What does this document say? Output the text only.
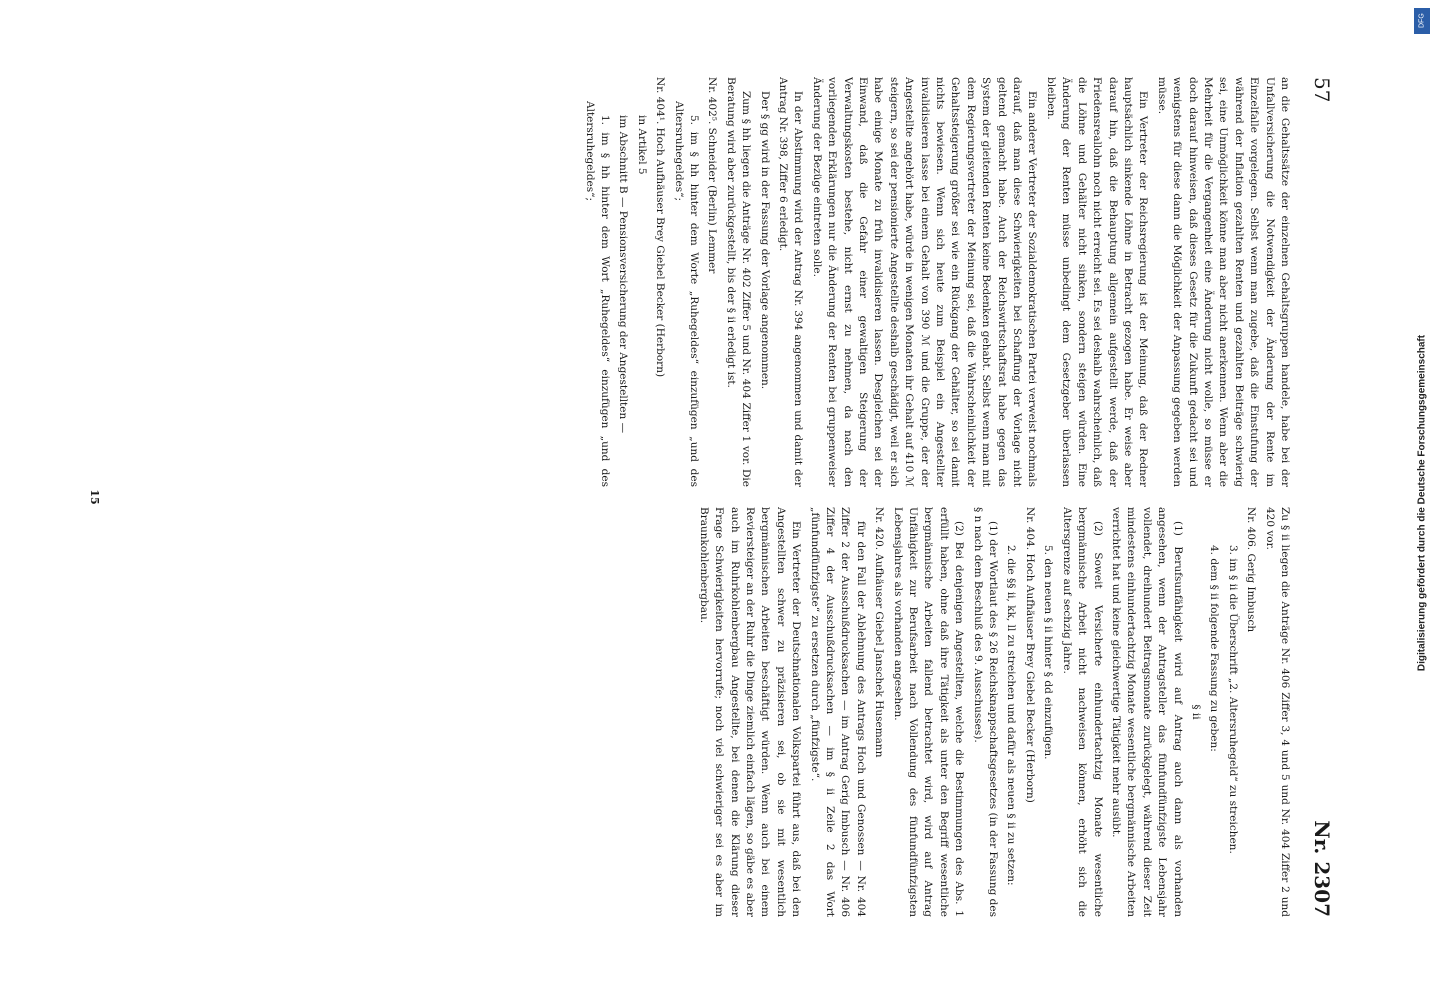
57
Nr. 2307

an die Gehaltssätze der einzelnen Gehaltsgruppen handele, habe bei der Unfallversicherung die Notwendigkeit der Änderung der Rente im Einzelfalle vorgelegen. Selbst wenn man zugebe, daß die Einstufung der während der Inflation gezahlten Renten und gezahlten Beiträge schwierig sei, eine Unmöglichkeit könne man aber nicht anerkennen. Wenn aber die Mehrheit für die Vergangenheit eine Änderung nicht wolle, so müsse er doch darauf hinweisen, daß dieses Gesetz für die Zukunft gedacht sei und wenigstens für diese dann die Möglichkeit der Anpassung gegeben werden müsse.

Ein Vertreter der Reichsregierung ist der Meinung, daß der Redner hauptsächlich sinkende Löhne in Betracht gezogen habe. Er weise aber darauf hin, daß die Behauptung allgemein aufgestellt werde, daß der Friedensreallohn noch nicht erreicht sei. Es sei deshalb wahrscheinlich, daß die Löhne und Gehälter nicht sinken, sondern steigen würden. Eine Änderung der Renten müsse unbedingt dem Gesetzgeber überlassen bleiben.

Ein anderer Vertreter der Sozialdemokratischen Partei verweist nochmals darauf, daß man diese Schwierigkeiten bei Schaffung der Vorlage nicht geltend gemacht habe. Auch der Reichswirtschaftsrat habe gegen das System der gleitenden Renten keine Bedenken gehabt. Selbst wenn man mit dem Regierungsvertreter der Meinung sei, daß die Wahrscheinlichkeit der Gehaltssteigerung größer sei wie ein Rückgang der Gehälter, so sei damit nichts bewiesen. Wenn sich heute zum Beispiel ein Angestellter invalidisieren lasse bei einem Gehalt von 390 ℳ und die Gruppe, der der Angestellte angehört habe, würde in wenigen Monaten ihr Gehalt auf 410 ℳ steigern, so sei der pensionierte Angestellte deshalb geschädigt, weil er sich habe einige Monate zu früh invalidisieren lassen. Desgleichen sei der Einwand, daß die Gefahr einer gewaltigen Steigerung der Verwaltungskosten bestehe, nicht ernst zu nehmen, da nach den vorliegenden Erklärungen nur die Änderung der Renten bei gruppenweiser Änderung der Bezüge eintreten solle.

In der Abstimmung wird der Antrag Nr. 394 angenommen und damit der Antrag Nr. 398, Ziffer 6 erledigt.

Der § gg wird in der Fassung der Vorlage angenommen.

Zum § hh liegen die Anträge Nr. 402 Ziffer 5 und Nr. 404 Ziffer 1 vor. Die Beratung wird aber zurückgestellt, bis der § ii erledigt ist.

Nr. 402⁵. Schneider (Berlin) Lemmer

5. im § hh hinter dem Worte „Ruhegeldes“ einzufügen „und des Altersruhegeldes“;

Nr. 404¹. Hoch Aufhäuser Brey Giebel Becker (Herborn)

in Artikel 5

im Abschnitt B — Pensionsversicherung der Angestellten —

1. im § hh hinter dem Wort „Ruhegeldes“ einzufügen „und des Altersruhegeldes“;

Zu § ii liegen die Anträge Nr. 406 Ziffer 3, 4 und 5 und Nr. 404 Ziffer 2 und 420 vor.

Nr. 406. Gerig Imbusch

3. im § ii die Überschrift „2. Altersruhegeld“ zu streichen.

4. dem § ii folgende Fassung zu geben:

§ ii

(1) Berufsunfähigkeit wird auf Antrag auch dann als vorhanden angesehen, wenn der Antragsteller das fünfundfünfzigste Lebensjahr vollendet, dreihundert Beitragsmonate zurückgelegt, während dieser Zeit mindestens einhundertachtzig Monate wesentliche bergmännische Arbeiten verrichtet hat und keine gleichwertige Tätigkeit mehr ausübt.

(2) Soweit Versicherte einhundertachtzig Monate wesentliche bergmännische Arbeit nicht nachweisen können, erhöht sich die Altersgrenze auf sechzig Jahre.

5. den neuen § ii hinter § dd einzufügen.

Nr. 404. Hoch Aufhäuser Brey Giebel Becker (Herborn)

2. die §§ ii, kk, ll zu streichen und dafür als neuen § ii zu setzen:

(1) der Wortlaut des § 26 Reichsknappschaftsgesetzes (in der Fassung des § n nach dem Beschluß des 9. Ausschusses).

(2) Bei denjenigen Angestellten, welche die Bestimmungen des Abs. 1 erfüllt haben, ohne daß ihre Tätigkeit als unter den Begriff wesentliche bergmännische Arbeiten fallend betrachtet wird, wird auf Antrag Unfähigkeit zur Berufsarbeit nach Vollendung des fünfundfünfzigsten Lebensjahres als vorhanden angesehen.

Nr. 420. Aufhäuser Giebel Janschek Husemann

für den Fall der Ablehnung des Antrags Hoch und Genossen — Nr. 404 Ziffer 2 der Ausschußdrucksachen — im Antrag Gerig Imbusch — Nr. 406 Ziffer 4 der Ausschußdrucksachen — im § ii Zeile 2 das Wort „fünfundfünfzigste“ zu ersetzen durch „fünfzigste“.

Ein Vertreter der Deutschnationalen Volkspartei führt aus, daß bei den Angestellten schwer zu präzisieren sei, ob sie mit wesentlich bergmännischen Arbeiten beschäftigt würden. Wenn auch bei einem Reviersteiger an der Ruhr die Dinge ziemlich einfach lägen, so gäbe es aber auch im Ruhrkohlenbergbau Angestellte, bei denen die Klärung dieser Frage Schwierigkeiten hervorrufe; noch viel schwieriger sei es aber im Braunkohlenbergbau.

15	Digitalisierung gefördert durch die Deutsche Forschungsgemeinschaft
DFG
